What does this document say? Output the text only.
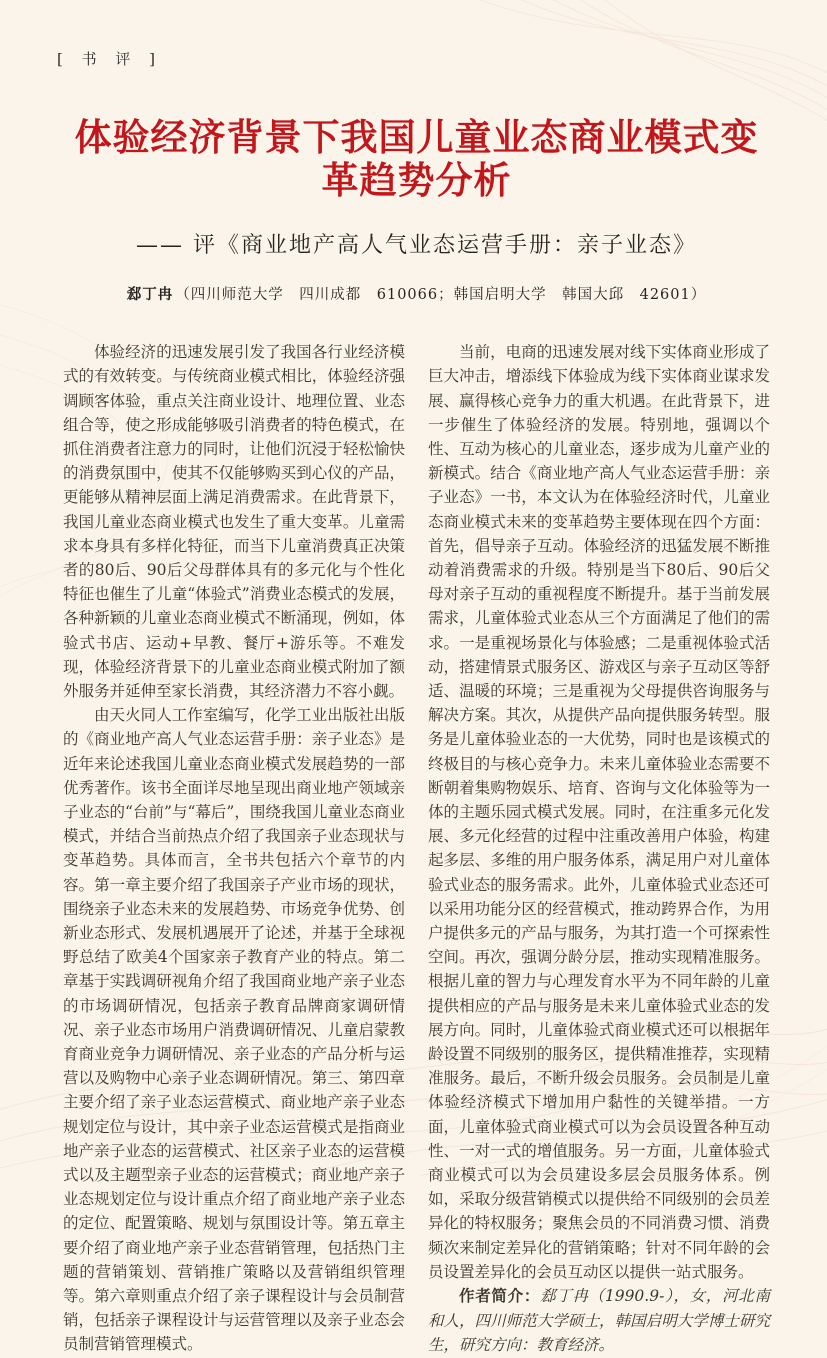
[ 书 评 ]
体验经济背景下我国儿童业态商业模式变革趋势分析
—— 评《商业地产高人气业态运营手册：亲子业态》
郄丁冉 （四川师范大学　四川成都　610066；韩国启明大学　韩国大邱　42601）

体验经济的迅速发展引发了我国各行业经济模式的有效转变。与传统商业模式相比，体验经济强调顾客体验，重点关注商业设计、地理位置、业态组合等，使之形成能够吸引消费者的特色模式，在抓住消费者注意力的同时，让他们沉浸于轻松愉快的消费氛围中，使其不仅能够购买到心仪的产品，更能够从精神层面上满足消费需求。在此背景下，我国儿童业态商业模式也发生了重大变革。儿童需求本身具有多样化特征，而当下儿童消费真正决策者的80后、90后父母群体具有的多元化与个性化特征也催生了儿童“体验式”消费业态模式的发展，各种新颖的儿童业态商业模式不断涌现，例如，体验式书店、运动+早教、餐厅+游乐等。不难发现，体验经济背景下的儿童业态商业模式附加了额外服务并延伸至家长消费，其经济潜力不容小觑。

由天火同人工作室编写，化学工业出版社出版的《商业地产高人气业态运营手册：亲子业态》是近年来论述我国儿童业态商业模式发展趋势的一部优秀著作。该书全面详尽地呈现出商业地产领域亲子业态的“台前”与“幕后”，围绕我国儿童业态商业模式，并结合当前热点介绍了我国亲子业态现状与变革趋势。具体而言，全书共包括六个章节的内容。第一章主要介绍了我国亲子产业市场的现状，围绕亲子业态未来的发展趋势、市场竞争优势、创新业态形式、发展机遇展开了论述，并基于全球视野总结了欧美4个国家亲子教育产业的特点。第二章基于实践调研视角介绍了我国商业地产亲子业态的市场调研情况，包括亲子教育品牌商家调研情况、亲子业态市场用户消费调研情况、儿童启蒙教育商业竞争力调研情况、亲子业态的产品分析与运营以及购物中心亲子业态调研情况。第三、第四章主要介绍了亲子业态运营模式、商业地产亲子业态规划定位与设计，其中亲子业态运营模式是指商业地产亲子业态的运营模式、社区亲子业态的运营模式以及主题型亲子业态的运营模式；商业地产亲子业态规划定位与设计重点介绍了商业地产亲子业态的定位、配置策略、规划与氛围设计等。第五章主要介绍了商业地产亲子业态营销管理，包括热门主题的营销策划、营销推广策略以及营销组织管理等。第六章则重点介绍了亲子课程设计与会员制营销，包括亲子课程设计与运营管理以及亲子业态会员制营销管理模式。

当前，电商的迅速发展对线下实体商业形成了巨大冲击，增添线下体验成为线下实体商业谋求发展、赢得核心竞争力的重大机遇。在此背景下，进一步催生了体验经济的发展。特别地，强调以个性、互动为核心的儿童业态，逐步成为儿童产业的新模式。结合《商业地产高人气业态运营手册：亲子业态》一书，本文认为在体验经济时代，儿童业态商业模式未来的变革趋势主要体现在四个方面：首先，倡导亲子互动。体验经济的迅猛发展不断推动着消费需求的升级。特别是当下80后、90后父母对亲子互动的重视程度不断提升。基于当前发展需求，儿童体验式业态从三个方面满足了他们的需求。一是重视场景化与体验感；二是重视体验式活动，搭建情景式服务区、游戏区与亲子互动区等舒适、温暖的环境；三是重视为父母提供咨询服务与解决方案。其次，从提供产品向提供服务转型。服务是儿童体验业态的一大优势，同时也是该模式的终极目的与核心竞争力。未来儿童体验业态需要不断朝着集购物娱乐、培育、咨询与文化体验等为一体的主题乐园式模式发展。同时，在注重多元化发展、多元化经营的过程中注重改善用户体验，构建起多层、多维的用户服务体系，满足用户对儿童体验式业态的服务需求。此外，儿童体验式业态还可以采用功能分区的经营模式，推动跨界合作，为用户提供多元的产品与服务，为其打造一个可探索性空间。再次，强调分龄分层，推动实现精准服务。根据儿童的智力与心理发育水平为不同年龄的儿童提供相应的产品与服务是未来儿童体验式业态的发展方向。同时，儿童体验式商业模式还可以根据年龄设置不同级别的服务区，提供精准推荐，实现精准服务。最后，不断升级会员服务。会员制是儿童体验经济模式下增加用户黏性的关键举措。一方面，儿童体验式商业模式可以为会员设置各种互动性、一对一式的增值服务。另一方面，儿童体验式商业模式可以为会员建设多层会员服务体系。例如，采取分级营销模式以提供给不同级别的会员差异化的特权服务；聚焦会员的不同消费习惯、消费频次来制定差异化的营销策略；针对不同年龄的会员设置差异化的会员互动区以提供一站式服务。

作者简介：郄丁冉（1990.9-），女，河北南和人，四川师范大学硕士，韩国启明大学博士研究生，研究方向：教育经济。
